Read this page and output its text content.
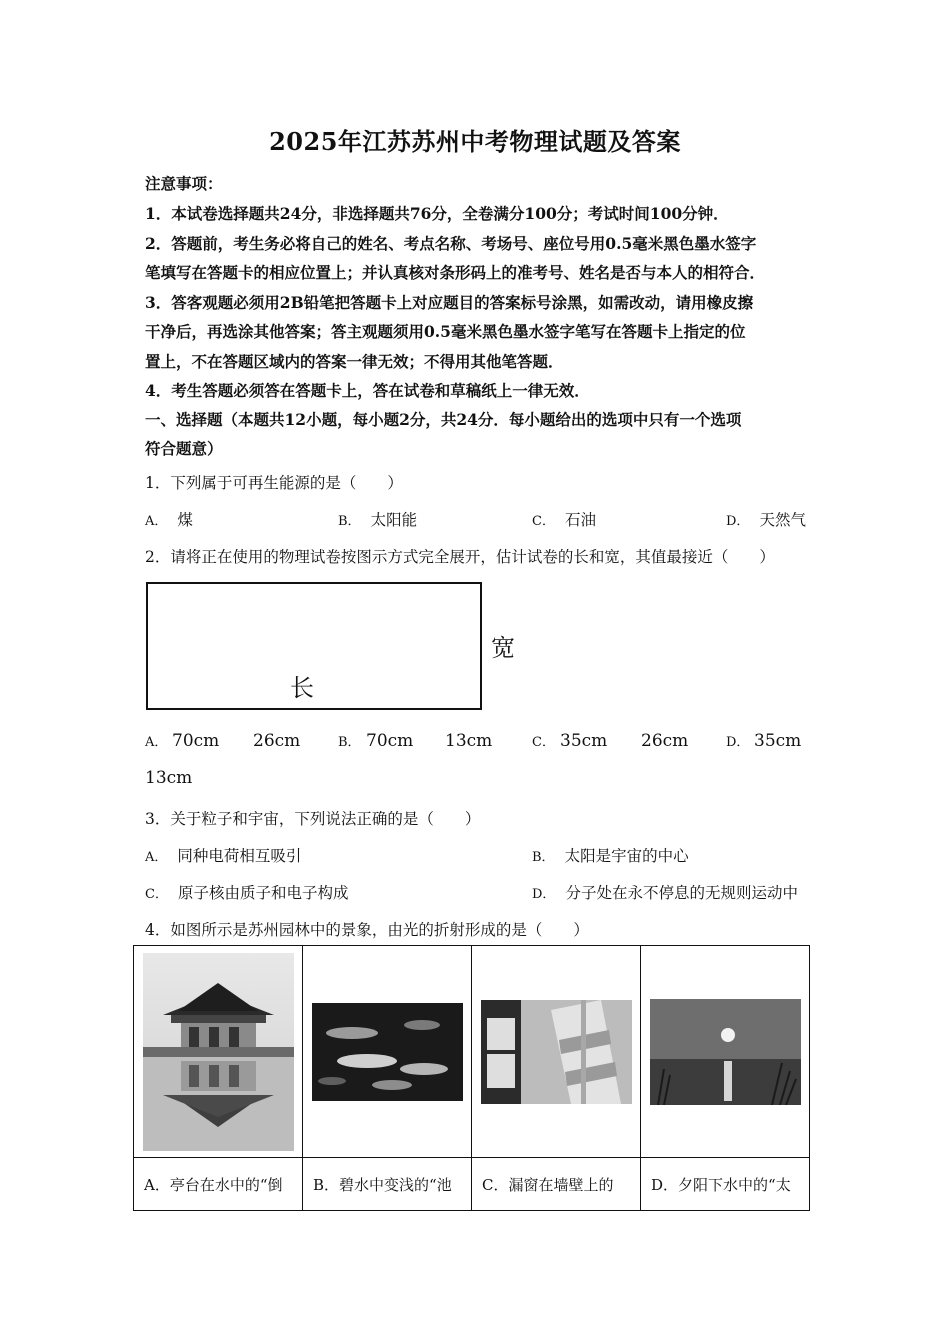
2025年江苏苏州中考物理试题及答案
注意事项：
1．本试卷选择题共24分，非选择题共76分，全卷满分100分；考试时间100分钟．
2．答题前，考生务必将自己的姓名、考点名称、考场号、座位号用0.5毫米黑色墨水签字
笔填写在答题卡的相应位置上；并认真核对条形码上的准考号、姓名是否与本人的相符合．
3．答客观题必须用2B铅笔把答题卡上对应题目的答案标号涂黑，如需改动，请用橡皮擦
干净后，再选涂其他答案；答主观题须用0.5毫米黑色墨水签字笔写在答题卡上指定的位
置上，不在答题区域内的答案一律无效；不得用其他笔答题．
4．考生答题必须答在答题卡上，答在试卷和草稿纸上一律无效．
一、选择题（本题共12小题，每小题2分，共24分．每小题给出的选项中只有一个选项
符合题意）
1．下列属于可再生能源的是（　　）
A． 煤	B． 太阳能	C． 石油	D． 天然气
2．请将正在使用的物理试卷按图示方式完全展开，估计试卷的长和宽，其值最接近（　　）
长
宽
A． 70cm 26cm	B． 70cm 13cm	C． 35cm 26cm	D． 35cm
13cm
3．关于粒子和宇宙，下列说法正确的是（　　）
A． 同种电荷相互吸引	B． 太阳是宇宙的中心
C． 原子核由质子和电子构成	D． 分子处在永不停息的无规则运动中
4．如图所示是苏州园林中的景象，由光的折射形成的是（　　）

A．亭台在水中的“倒	B．碧水中变浅的“池	C．漏窗在墙壁上的	D．夕阳下水中的“太
